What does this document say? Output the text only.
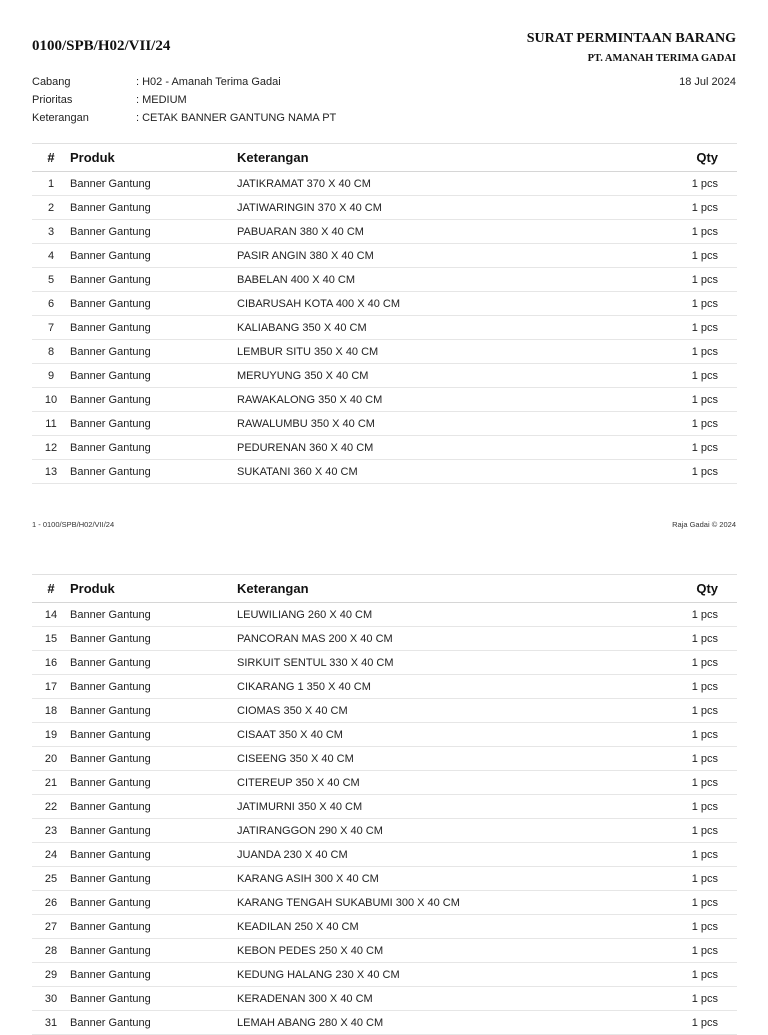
0100/SPB/H02/VII/24	SURAT PERMINTAAN BARANG
PT. AMANAH TERIMA GADAI
18 Jul 2024
Cabang	: H02 - Amanah Terima Gadai
Prioritas	: MEDIUM
Keterangan	: CETAK BANNER GANTUNG NAMA PT
#	Produk	Keterangan	Qty
1	Banner Gantung	JATIKRAMAT 370 X 40 CM	1 pcs
2	Banner Gantung	JATIWARINGIN 370 X 40 CM	1 pcs
3	Banner Gantung	PABUARAN 380 X 40 CM	1 pcs
4	Banner Gantung	PASIR ANGIN 380 X 40 CM	1 pcs
5	Banner Gantung	BABELAN 400 X 40 CM	1 pcs
6	Banner Gantung	CIBARUSAH KOTA 400 X 40 CM	1 pcs
7	Banner Gantung	KALIABANG 350 X 40 CM	1 pcs
8	Banner Gantung	LEMBUR SITU 350 X 40 CM	1 pcs
9	Banner Gantung	MERUYUNG 350 X 40 CM	1 pcs
10	Banner Gantung	RAWAKALONG 350 X 40 CM	1 pcs
11	Banner Gantung	RAWALUMBU 350 X 40 CM	1 pcs
12	Banner Gantung	PEDURENAN 360 X 40 CM	1 pcs
13	Banner Gantung	SUKATANI 360 X 40 CM	1 pcs
1 - 0100/SPB/H02/VII/24	Raja Gadai © 2024
#	Produk	Keterangan	Qty
14	Banner Gantung	LEUWILIANG 260 X 40 CM	1 pcs
15	Banner Gantung	PANCORAN MAS 200 X 40 CM	1 pcs
16	Banner Gantung	SIRKUIT SENTUL 330 X 40 CM	1 pcs
17	Banner Gantung	CIKARANG 1 350 X 40 CM	1 pcs
18	Banner Gantung	CIOMAS 350 X 40 CM	1 pcs
19	Banner Gantung	CISAAT 350 X 40 CM	1 pcs
20	Banner Gantung	CISEENG 350 X 40 CM	1 pcs
21	Banner Gantung	CITEREUP 350 X 40 CM	1 pcs
22	Banner Gantung	JATIMURNI 350 X 40 CM	1 pcs
23	Banner Gantung	JATIRANGGON 290 X 40 CM	1 pcs
24	Banner Gantung	JUANDA 230 X 40 CM	1 pcs
25	Banner Gantung	KARANG ASIH 300 X 40 CM	1 pcs
26	Banner Gantung	KARANG TENGAH SUKABUMI 300 X 40 CM	1 pcs
27	Banner Gantung	KEADILAN 250 X 40 CM	1 pcs
28	Banner Gantung	KEBON PEDES 250 X 40 CM	1 pcs
29	Banner Gantung	KEDUNG HALANG 230 X 40 CM	1 pcs
30	Banner Gantung	KERADENAN 300 X 40 CM	1 pcs
31	Banner Gantung	LEMAH ABANG 280 X 40 CM	1 pcs
